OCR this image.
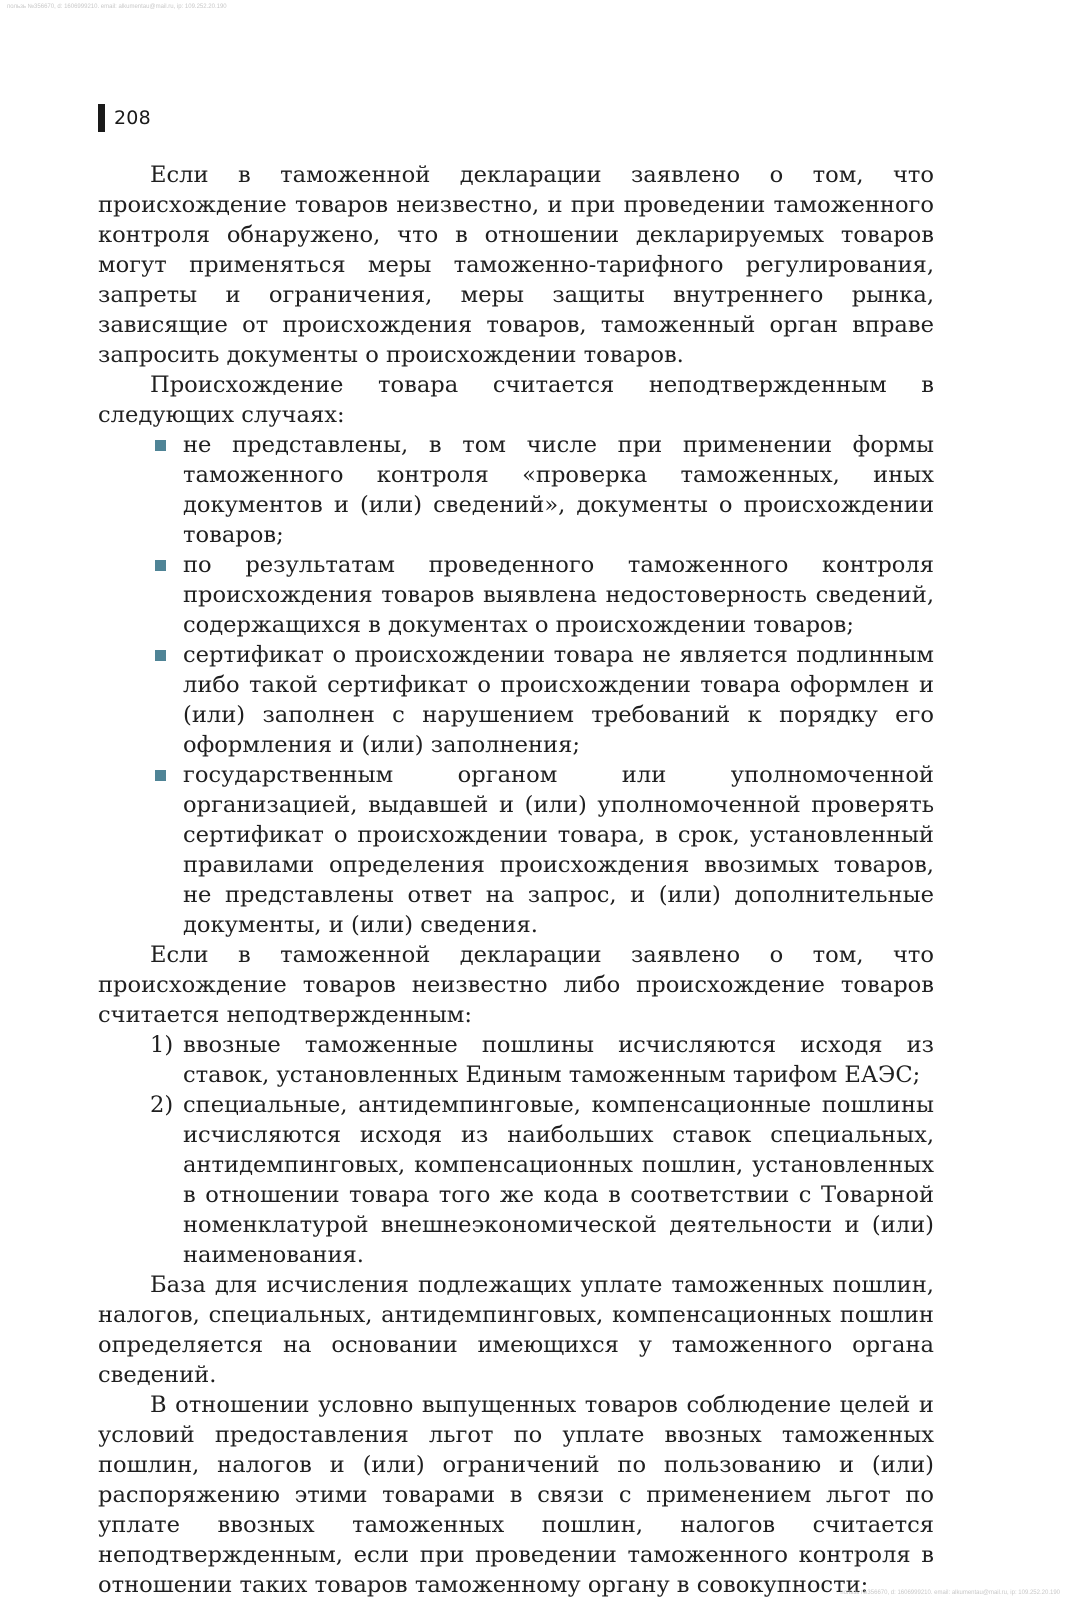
пользь №356670, d: 1606999210. email: alkumentau@mail.ru, ip: 109.252.20.190
208

Если в таможенной декларации заявлено о том, что происхождение товаров неизвестно, и при проведении таможенного контроля обнаружено, что в отношении декларируемых товаров могут применяться меры таможенно-тарифного регулирования, запреты и ограничения, меры защиты внутреннего рынка, зависящие от происхождения товаров, таможенный орган вправе запросить документы о происхождении товаров.

Происхождение товара считается неподтвержденным в следующих случаях:

не представлены, в том числе при применении формы таможенного контроля «проверка таможенных, иных документов и (или) сведений», документы о происхождении товаров;
по результатам проведенного таможенного контроля происхождения товаров выявлена недостоверность сведений, содержащихся в документах о происхождении товаров;
сертификат о происхождении товара не является подлинным либо такой сертификат о происхождении товара оформлен и (или) заполнен с нарушением требований к порядку его оформления и (или) заполнения;
государственным органом или уполномоченной организацией, выдавшей и (или) уполномоченной проверять сертификат о происхождении товара, в срок, установленный правилами определения происхождения ввозимых товаров, не представлены ответ на запрос, и (или) дополнительные документы, и (или) сведения.

Если в таможенной декларации заявлено о том, что происхождение товаров неизвестно либо происхождение товаров считается неподтвержденным:

1) ввозные таможенные пошлины исчисляются исходя из ставок, установленных Единым таможенным тарифом ЕАЭС;
2) специальные, антидемпинговые, компенсационные пошлины исчисляются исходя из наибольших ставок специальных, антидемпинговых, компенсационных пошлин, установленных в отношении товара того же кода в соответствии с Товарной номенклатурой внешнеэкономической деятельности и (или) наименования.

База для исчисления подлежащих уплате таможенных пошлин, налогов, специальных, антидемпинговых, компенсационных пошлин определяется на основании имеющихся у таможенного органа сведений.

В отношении условно выпущенных товаров соблюдение целей и условий предоставления льгот по уплате ввозных таможенных пошлин, налогов и (или) ограничений по пользованию и (или) распоряжению этими товарами в связи с применением льгот по уплате ввозных таможенных пошлин, налогов считается неподтвержденным, если при проведении таможенного контроля в отношении таких товаров таможенному органу в совокупности:

пользь №356670, d: 1606999210. email: alkumentau@mail.ru, ip: 109.252.20.190
